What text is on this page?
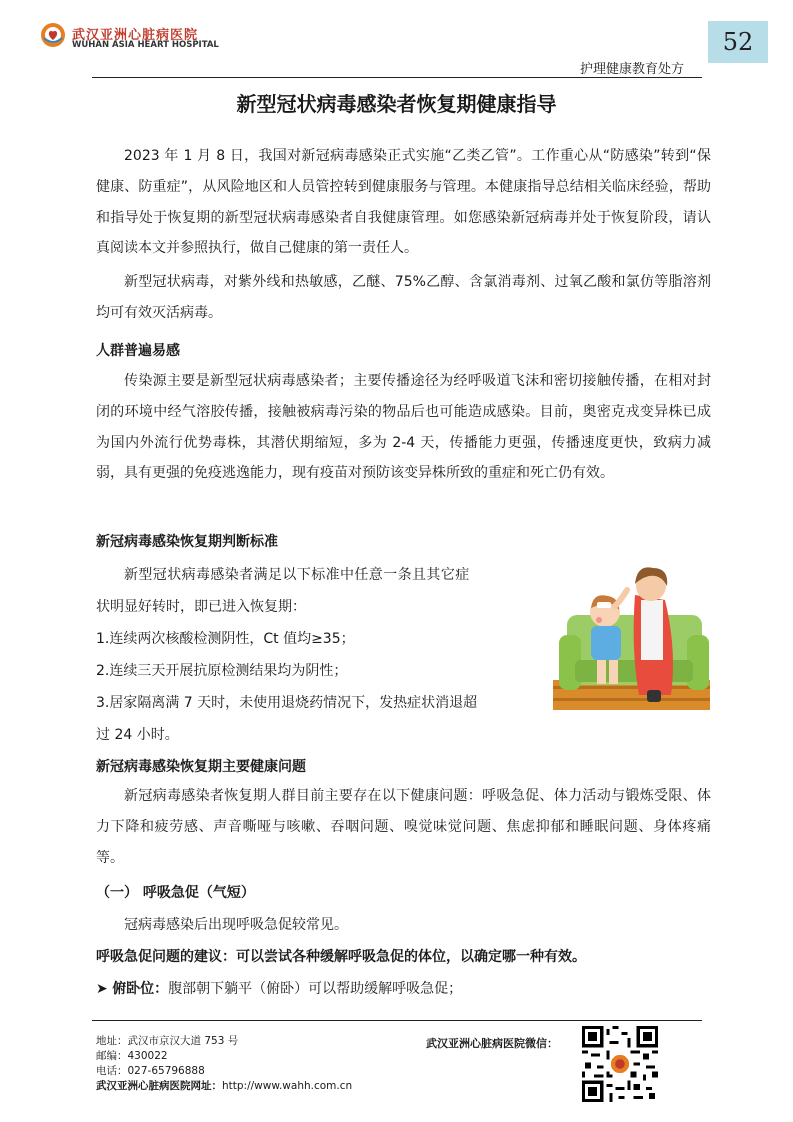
武汉亚洲心脏病医院
WUHAN ASIA HEART HOSPITAL	52
护理健康教育处方
新型冠状病毒感染者恢复期健康指导

2023 年 1 月 8 日，我国对新冠病毒感染正式实施“乙类乙管”。工作重心从“防感染”转到“保健康、防重症”，从风险地区和人员管控转到健康服务与管理。本健康指导总结相关临床经验，帮助和指导处于恢复期的新型冠状病毒感染者自我健康管理。如您感染新冠病毒并处于恢复阶段，请认真阅读本文并参照执行，做自己健康的第一责任人。

新型冠状病毒，对紫外线和热敏感，乙醚、75%乙醇、含氯消毒剂、过氧乙酸和氯仿等脂溶剂均可有效灭活病毒。

人群普遍易感

传染源主要是新型冠状病毒感染者；主要传播途径为经呼吸道飞沫和密切接触传播，在相对封闭的环境中经气溶胶传播，接触被病毒污染的物品后也可能造成感染。目前，奥密克戎变异株已成为国内外流行优势毒株，其潜伏期缩短，多为 2-4 天，传播能力更强，传播速度更快，致病力减弱，具有更强的免疫逃逸能力，现有疫苗对预防该变异株所致的重症和死亡仍有效。

新冠病毒感染恢复期判断标准
新型冠状病毒感染者满足以下标准中任意一条且其它症
状明显好转时，即已进入恢复期：
1.连续两次核酸检测阴性，Ct 值均≥35；
2.连续三天开展抗原检测结果均为阴性；
3.居家隔离满 7 天时，未使用退烧药情况下，发热症状消退超
过 24 小时。
新冠病毒感染恢复期主要健康问题

新冠病毒感染者恢复期人群目前主要存在以下健康问题：呼吸急促、体力活动与锻炼受限、体力下降和疲劳感、声音嘶哑与咳嗽、吞咽问题、嗅觉味觉问题、焦虑抑郁和睡眠问题、身体疼痛等。

（一） 呼吸急促（气短）
冠病毒感染后出现呼吸急促较常见。
呼吸急促问题的建议：可以尝试各种缓解呼吸急促的体位，以确定哪一种有效。
➤ 俯卧位：腹部朝下躺平（俯卧）可以帮助缓解呼吸急促；
地址：武汉市京汉大道 753 号
邮编：430022
电话：027-65796888
武汉亚洲心脏病医院网址：http://www.wahh.com.cn
武汉亚洲心脏病医院微信：
